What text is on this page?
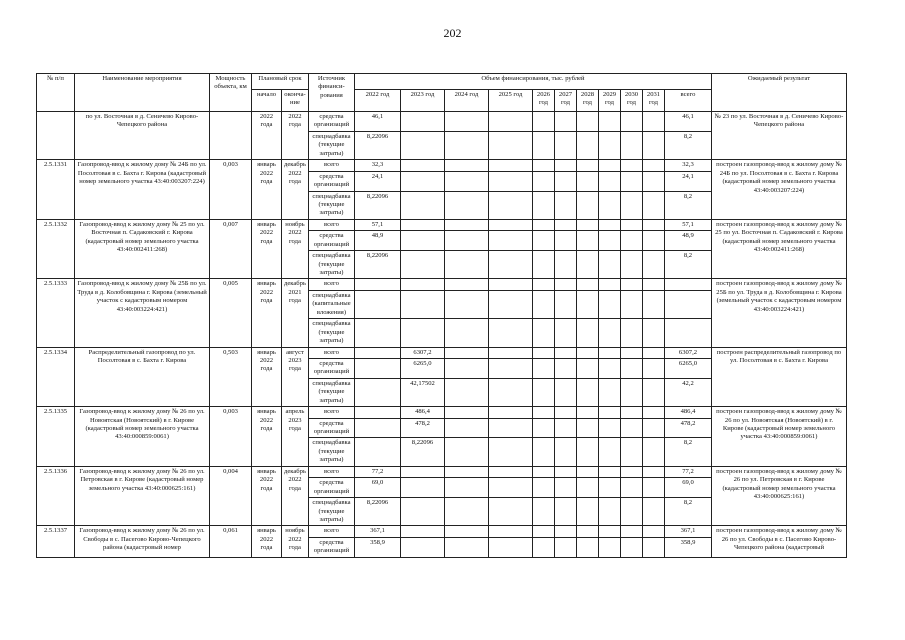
202
№ п/п	Наименование мероприятия	Мощность объекта, км	Плановый срок		Источник финанси-рования	Объем финансирования, тыс. рублей											Ожидаемый результат
			начало	оконча-ние		2022 год	2023 год	2024 год	2025 год	2026 год	2027 год	2028 год	2029 год	2030 год	2031 год	всего	
	по ул. Восточная в д. Сеничево Кирово-Чепецкого района		2022 года	2022 года	средства организаций	46,1										46,1	№ 23 по ул. Восточная в д. Сеничево Кирово-Чепецкого района
					спецнадбавка (текущие затраты)	8,22096										8,2	
2.5.1331	Газопровод-ввод к жилому дому № 24Б по ул. Посолтовая в с. Бахта г. Кирова (кадастровый номер земельного участка 43:40:003207:224)	0,003	январь 2022 года	декабрь 2022 года	всего	32,3										32,3	построен газопровод-ввод к жилому дому № 24Б по ул. Посолтовая в с. Бахта г. Кирова (кадастровый номер земельного участка 43:40:003207:224)
					средства организаций	24,1										24,1	
					спецнадбавка (текущие затраты)	8,22096										8,2	
2.5.1332	Газопровод-ввод к жилому дому № 25 по ул. Восточная п. Садаковский г. Кирова (кадастровый номер земельного участка 43:40:002411:268)	0,007	январь 2022 года	ноябрь 2022 года	всего	57,1										57,1	построен газопровод-ввод к жилому дому № 25 по ул. Восточная п. Садаковский г. Кирова (кадастровый номер земельного участка 43:40:002411:268)
					средства организаций	48,9										48,9	
					спецнадбавка (текущие затраты)	8,22096										8,2	
2.5.1333	Газопровод-ввод к жилому дому № 25Б по ул. Труда в д. Колобовщина г. Кирова (земельный участок с кадастровым номером 43:40:003224:421)	0,005	январь 2022 года	декабрь 2021 года	всего												построен газопровод-ввод к жилому дому № 25Б по ул. Труда в д. Колобовщина г. Кирова (земельный участок с кадастровым номером 43:40:003224:421)
					спецнадбавка (капитальные вложения)												
					спецнадбавка (текущие затраты)												
2.5.1334	Распределительный газопровод по ул. Посолтовая в с. Бахта г. Кирова	0,503	январь 2022 года	август 2023 года	всего		6307,2									6307,2	построен распределительный газопровод по ул. Посолтовая в с. Бахта г. Кирова
					средства организаций		6265,0									6265,0	
					спецнадбавка (текущие затраты)		42,17502									42,2	
2.5.1335	Газопровод-ввод к жилому дому № 26 по ул. Новоятская (Новоятский) в г. Кирове (кадастровый номер земельного участка 43:40:000859:0061)	0,003	январь 2022 года	апрель 2023 года	всего		486,4									486,4	построен газопровод-ввод к жилому дому № 26 по ул. Новоятская (Новоятский) в г. Кирове (кадастровый номер земельного участка 43:40:000859:0061)
					средства организаций		478,2									478,2	
					спецнадбавка (текущие затраты)		8,22096									8,2	
2.5.1336	Газопровод-ввод к жилому дому № 26 по ул. Петровская в г. Кирове (кадастровый номер земельного участка 43:40:000625:161)	0,004	январь 2022 года	декабрь 2022 года	всего	77,2										77,2	построен газопровод-ввод к жилому дому № 26 по ул. Петровская в г. Кирове (кадастровый номер земельного участка 43:40:000625:161)
					средства организаций	69,0										69,0	
					спецнадбавка (текущие затраты)	8,22096										8,2	
2.5.1337	Газопровод-ввод к жилому дому № 26 по ул. Свободы в с. Пасегово Кирово-Чепецкого района (кадастровый номер	0,061	январь 2022 года	ноябрь 2022 года	всего	367,1										367,1	построен газопровод-ввод к жилому дому № 26 по ул. Свободы в с. Пасегово Кирово-Чепецкого района (кадастровый
					средства организаций	358,9										358,9	
